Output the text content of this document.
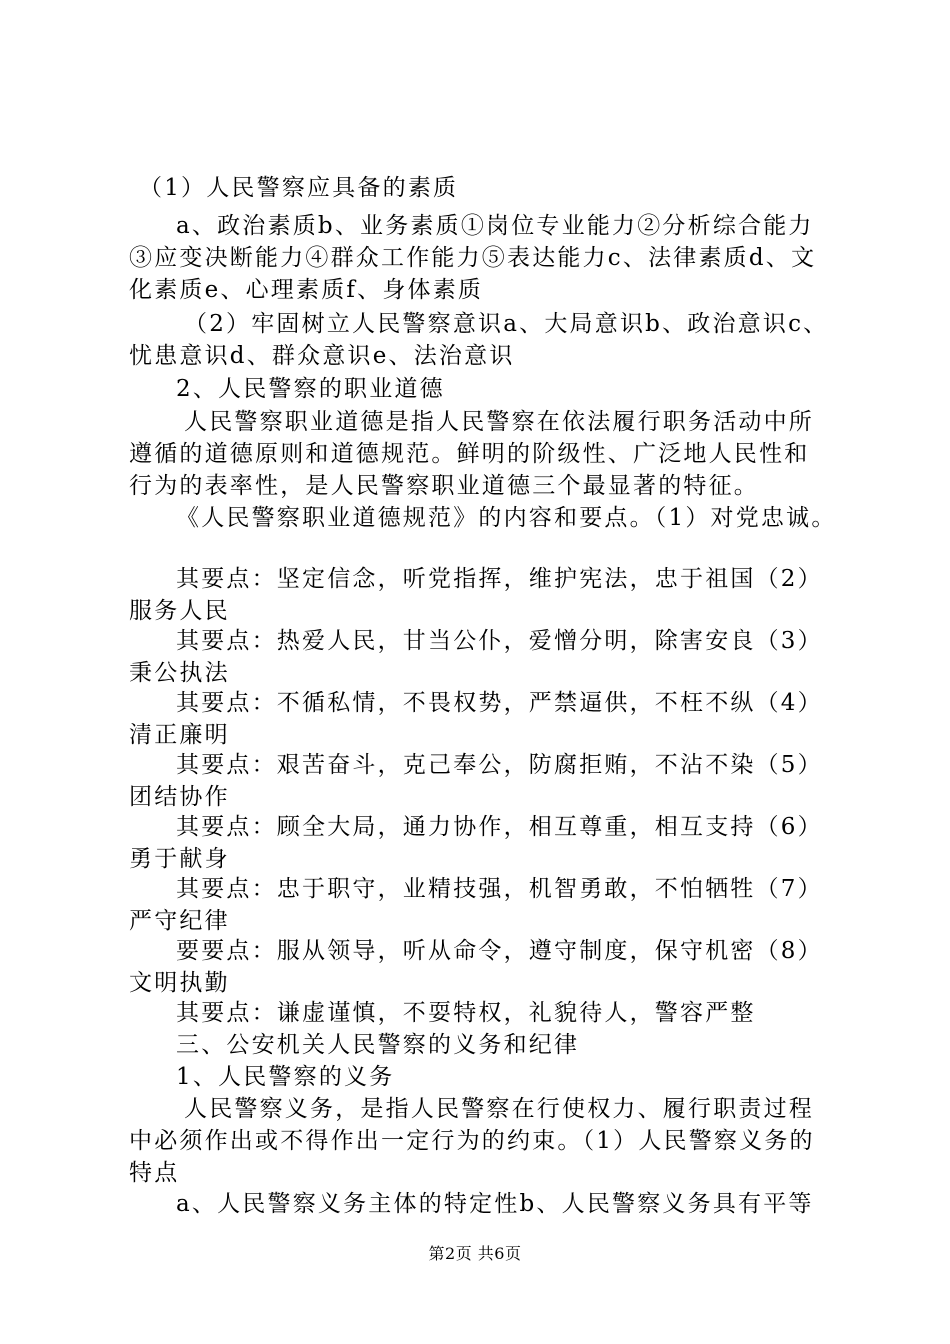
（1）人民警察应具备的素质
a、政治素质b、业务素质①岗位专业能力②分析综合能力
③应变决断能力④群众工作能力⑤表达能力c、法律素质d、文
化素质e、心理素质f、身体素质
（2）牢固树立人民警察意识a、大局意识b、政治意识c、
忧患意识d、群众意识e、法治意识
2、人民警察的职业道德
人民警察职业道德是指人民警察在依法履行职务活动中所
遵循的道德原则和道德规范。鲜明的阶级性、广泛地人民性和
行为的表率性，是人民警察职业道德三个最显著的特征。
《人民警察职业道德规范》的内容和要点。（1）对党忠诚。
其要点：坚定信念，听党指挥，维护宪法，忠于祖国（2）
服务人民
其要点：热爱人民，甘当公仆，爱憎分明，除害安良（3）
秉公执法
其要点：不循私情，不畏权势，严禁逼供，不枉不纵（4）
清正廉明
其要点：艰苦奋斗，克己奉公，防腐拒贿，不沾不染（5）
团结协作
其要点：顾全大局，通力协作，相互尊重，相互支持（6）
勇于献身
其要点：忠于职守，业精技强，机智勇敢，不怕牺牲（7）
严守纪律
要要点：服从领导，听从命令，遵守制度，保守机密（8）
文明执勤
其要点：谦虚谨慎，不耍特权，礼貌待人，警容严整
三、公安机关人民警察的义务和纪律
1、人民警察的义务
人民警察义务，是指人民警察在行使权力、履行职责过程
中必须作出或不得作出一定行为的约束。（1）人民警察义务的
特点
a、人民警察义务主体的特定性b、人民警察义务具有平等
第2页 共6页
